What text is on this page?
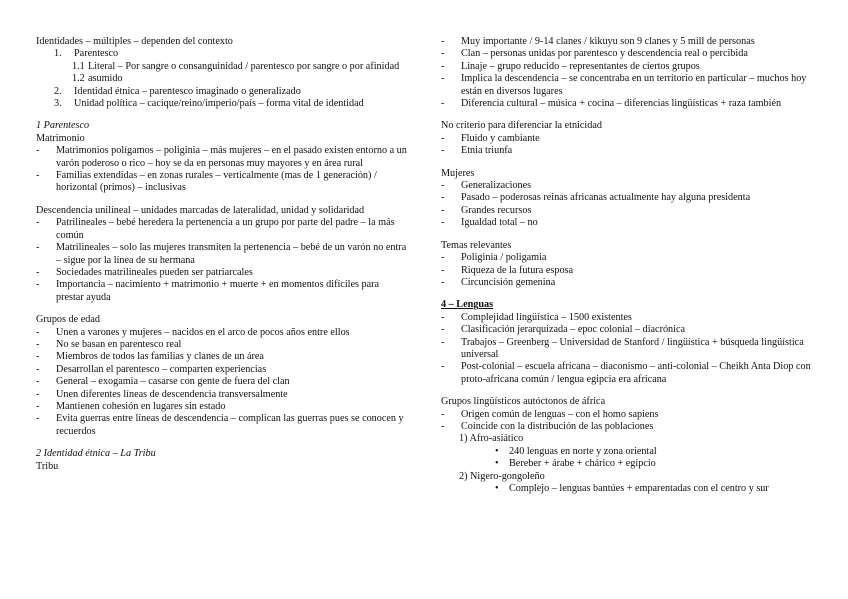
Identidades – múltiples – dependen del contexto
1.	Parentesco
1.1 Literal – Por sangre o consanguinidad / parentesco por sangre o por afinidad
1.2 asumido
2.	Identidad étnica – parentesco imaginado o generalizado
3.	Unidad política – cacique/reino/imperio/país – forma vital de identidad
1 Parentesco
Matrimonio
-	Matrimonios polígamos – poliginia – más mujeres – en el pasado existen entorno a un varón poderoso o rico – hoy se da en personas muy mayores y en área rural
-	Familias extendidas – en zonas rurales – verticalmente (mas de 1 generación) / horizontal (primos) – inclusivas
Descendencia unilineal – unidades marcadas de lateralidad, unidad y solidaridad
-	Patrilineales – bebé heredera la pertenencia a un grupo por parte del padre – la más común
-	Matrilineales – solo las mujeres transmiten la pertenencia – bebé de un varón no entra – sigue por la línea de su hermana
-	Sociedades matrilineales pueden ser patriarcales
-	Importancia – nacimiento + matrimonio + muerte + en momentos difíciles para prestar ayuda
Grupos de edad
-	Unen a varones y mujeres – nacidos en el arco de pocos años entre ellos
-	No se basan en parentesco real
-	Miembros de todos las familias y clanes de un área
-	Desarrollan el parentesco – comparten experiencias
-	General – exogamia – casarse con gente de fuera del clan
-	Unen diferentes líneas de descendencia transversalmente
-	Mantienen cohesión en lugares sin estado
-	Evita guerras entre líneas de descendencia – complican las guerras pues se conocen y recuerdos
2 Identidad étnica – La Tribu
Tribu
-	Muy importante / 9-14 clanes / kikuyu son 9 clanes y 5 mill de personas
-	Clan – personas unidas por parentesco y descendencia real o percibida
-	Linaje – grupo reducido – representantes de ciertos grupos
-	Implica la descendencia – se concentraba en un territorio en particular – muchos hoy están en diversos lugares
-	Diferencia cultural – música + cocina – diferencias lingüísticas + raza también
No criterio para diferenciar la etnicidad
-	Fluido y cambiante
-	Etnia triunfa
Mujeres
-	Generalizaciones
-	Pasado – poderosas reinas africanas actualmente hay alguna presidenta
-	Grandes recursos
-	Igualdad total – no
Temas relevantes
-	Poliginia / poligamia
-	Riqueza de la futura esposa
-	Circuncisión gemenina
4 – Lenguas
-	Complejidad lingüística – 1500 existentes
-	Clasificación jerarquizada – epoc colonial – diacrónica
-	Trabajos – Greenberg – Universidad de Stanford / lingüística + búsqueda lingüística universal
-	Post-colonial – escuela africana – diaconismo – anti-colonial – Cheikh Anta Diop con proto-africana común / lengua egipcia era africana
Grupos lingüísticos autóctonos de áfrica
-	Origen común de lenguas – con el homo sapiens
-	Coincide con la distribución de las poblaciones
1) Afro-asiático
•	240 lenguas en norte y zona oriental
•	Bereber + árabe + chárico + egipcio
2) Nigero-gongoleño
•	Complejo – lenguas bantúes + emparentadas con el centro y sur
